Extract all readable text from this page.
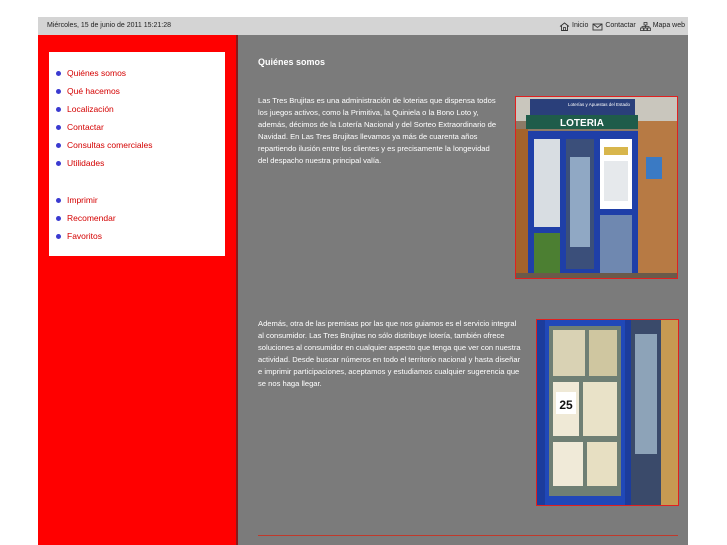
Miércoles, 15 de junio de 2011 15:21:28	Inicio Contactar Mapa web
Quiénes somos
Qué hacemos
Localización
Contactar
Consultas comerciales
Utilidades
Imprimir
Recomendar
Favoritos
Quiénes somos

Las Tres Brujitas es una administración de loterias que dispensa todos los juegos activos, como la Primitiva, la Quiniela o la Bono Loto y, además, décimos de la Lotería Nacional y del Sorteo Extraordinario de Navidad. En Las Tres Brujitas llevamos ya más de cuarenta años repartiendo ilusión entre los clientes y es precisamente la longevidad del despacho nuestra principal valía.

Loterías y Apuestas del Estado
LOTERIA

Además, otra de las premisas por las que nos guiamos es el servicio integral al consumidor. Las Tres Brujitas no sólo distribuye lotería, también ofrece soluciones al consumidor en cualquier aspecto que tenga que ver con nuestra actividad. Desde buscar números en todo el territorio nacional y hasta diseñar e imprimir participaciones, aceptamos y estudiamos cualquier sugerencia que se nos haga llegar.

25
